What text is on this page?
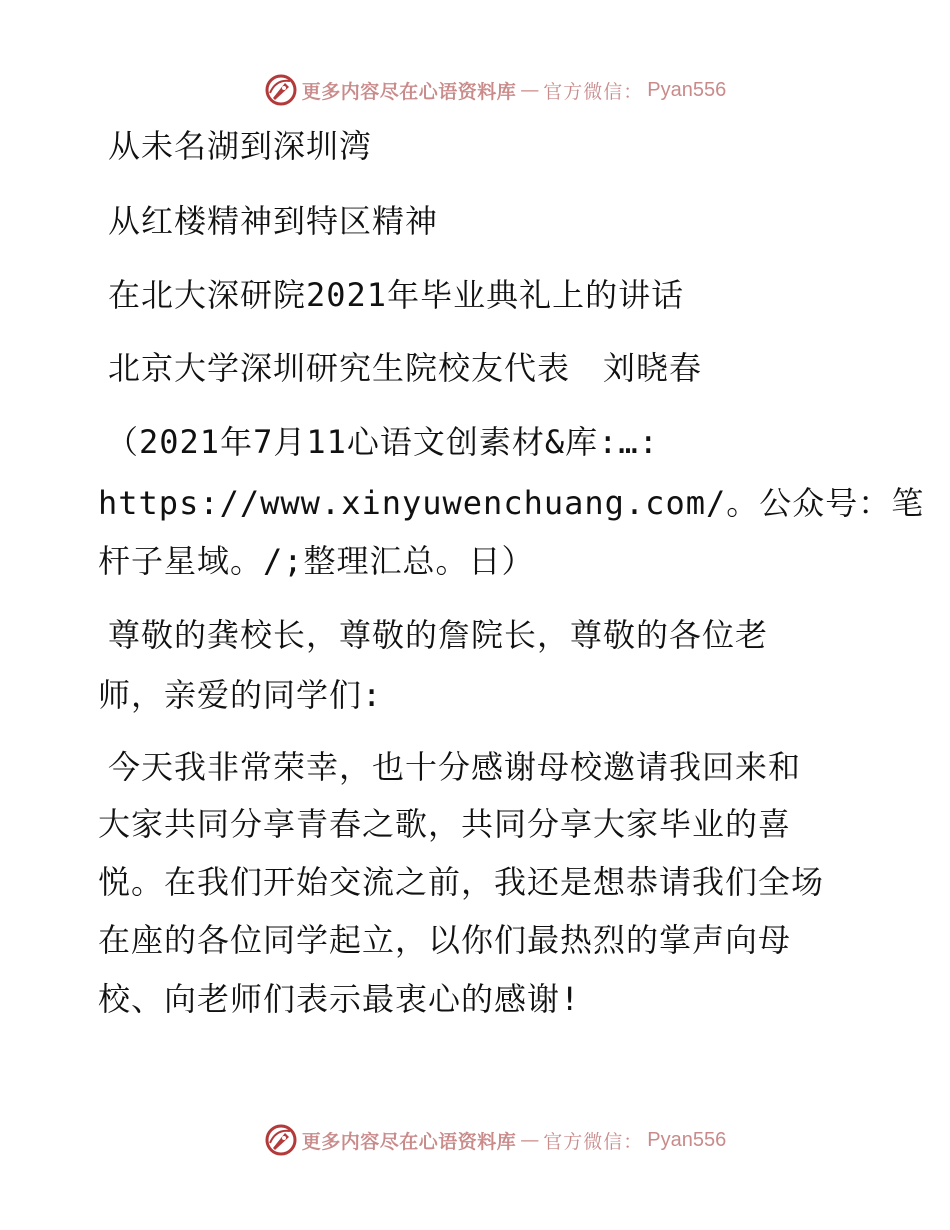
更多内容尽在心语资料库 — 官方微信： Pyan556
从未名湖到深圳湾
从红楼精神到特区精神
在北大深研院2021年毕业典礼上的讲话
北京大学深圳研究生院校友代表　刘晓春
（2021年7月11心语文创素材&库:…:
https://www.xinyuwenchuang.com/。公众号：笔
杆子星域。/;整理汇总。日）
尊敬的龚校长，尊敬的詹院长，尊敬的各位老
师，亲爱的同学们:
今天我非常荣幸，也十分感谢母校邀请我回来和
大家共同分享青春之歌，共同分享大家毕业的喜
悦。在我们开始交流之前，我还是想恭请我们全场
在座的各位同学起立，以你们最热烈的掌声向母
校、向老师们表示最衷心的感谢!
更多内容尽在心语资料库 — 官方微信： Pyan556
